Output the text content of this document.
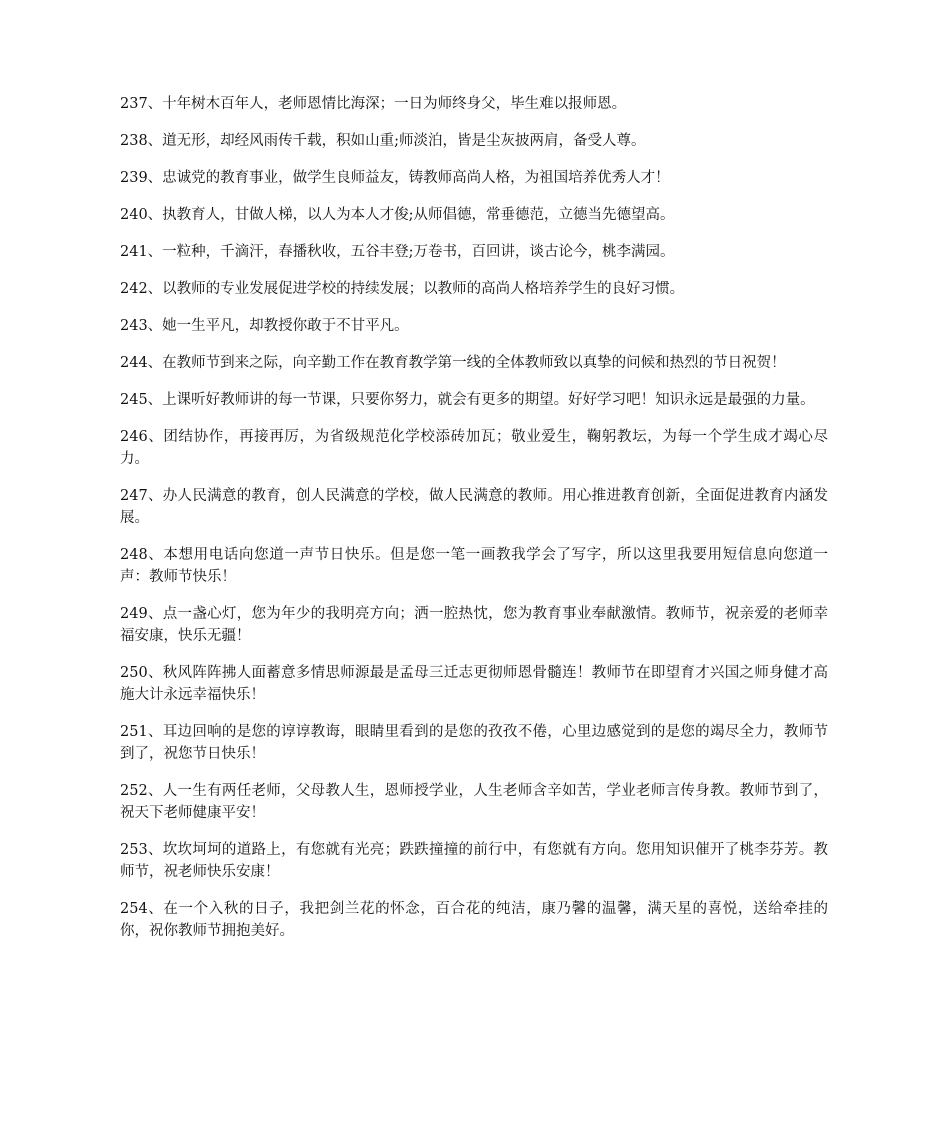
237、十年树木百年人，老师恩情比海深；一日为师终身父，毕生难以报师恩。

238、道无形，却经风雨传千载，积如山重;师淡泊，皆是尘灰披两肩，备受人尊。

239、忠诚党的教育事业，做学生良师益友，铸教师高尚人格，为祖国培养优秀人才！

240、执教育人，甘做人梯，以人为本人才俊;从师倡德，常垂德范，立德当先德望高。

241、一粒种，千滴汗，春播秋收，五谷丰登;万卷书，百回讲，谈古论今，桃李满园。

242、以教师的专业发展促进学校的持续发展；以教师的高尚人格培养学生的良好习惯。

243、她一生平凡，却教授你敢于不甘平凡。

244、在教师节到来之际，向辛勤工作在教育教学第一线的全体教师致以真挚的问候和热烈的节日祝贺！

245、上课听好教师讲的每一节课，只要你努力，就会有更多的期望。好好学习吧！知识永远是最强的力量。

246、团结协作，再接再厉，为省级规范化学校添砖加瓦；敬业爱生，鞠躬教坛，为每一个学生成才竭心尽力。

247、办人民满意的教育，创人民满意的学校，做人民满意的教师。用心推进教育创新，全面促进教育内涵发展。

248、本想用电话向您道一声节日快乐。但是您一笔一画教我学会了写字，所以这里我要用短信息向您道一声：教师节快乐！

249、点一盏心灯，您为年少的我明亮方向；洒一腔热忱，您为教育事业奉献激情。教师节，祝亲爱的老师幸福安康，快乐无疆！

250、秋风阵阵拂人面蓄意多情思师源最是孟母三迁志更彻师恩骨髓连！教师节在即望育才兴国之师身健才高施大计永远幸福快乐！

251、耳边回响的是您的谆谆教诲，眼睛里看到的是您的孜孜不倦，心里边感觉到的是您的竭尽全力，教师节到了，祝您节日快乐！

252、人一生有两任老师，父母教人生，恩师授学业，人生老师含辛如苦，学业老师言传身教。教师节到了，祝天下老师健康平安！

253、坎坎坷坷的道路上，有您就有光亮；跌跌撞撞的前行中，有您就有方向。您用知识催开了桃李芬芳。教师节，祝老师快乐安康！

254、在一个入秋的日子，我把剑兰花的怀念，百合花的纯洁，康乃馨的温馨，满天星的喜悦，送给牵挂的你，祝你教师节拥抱美好。
